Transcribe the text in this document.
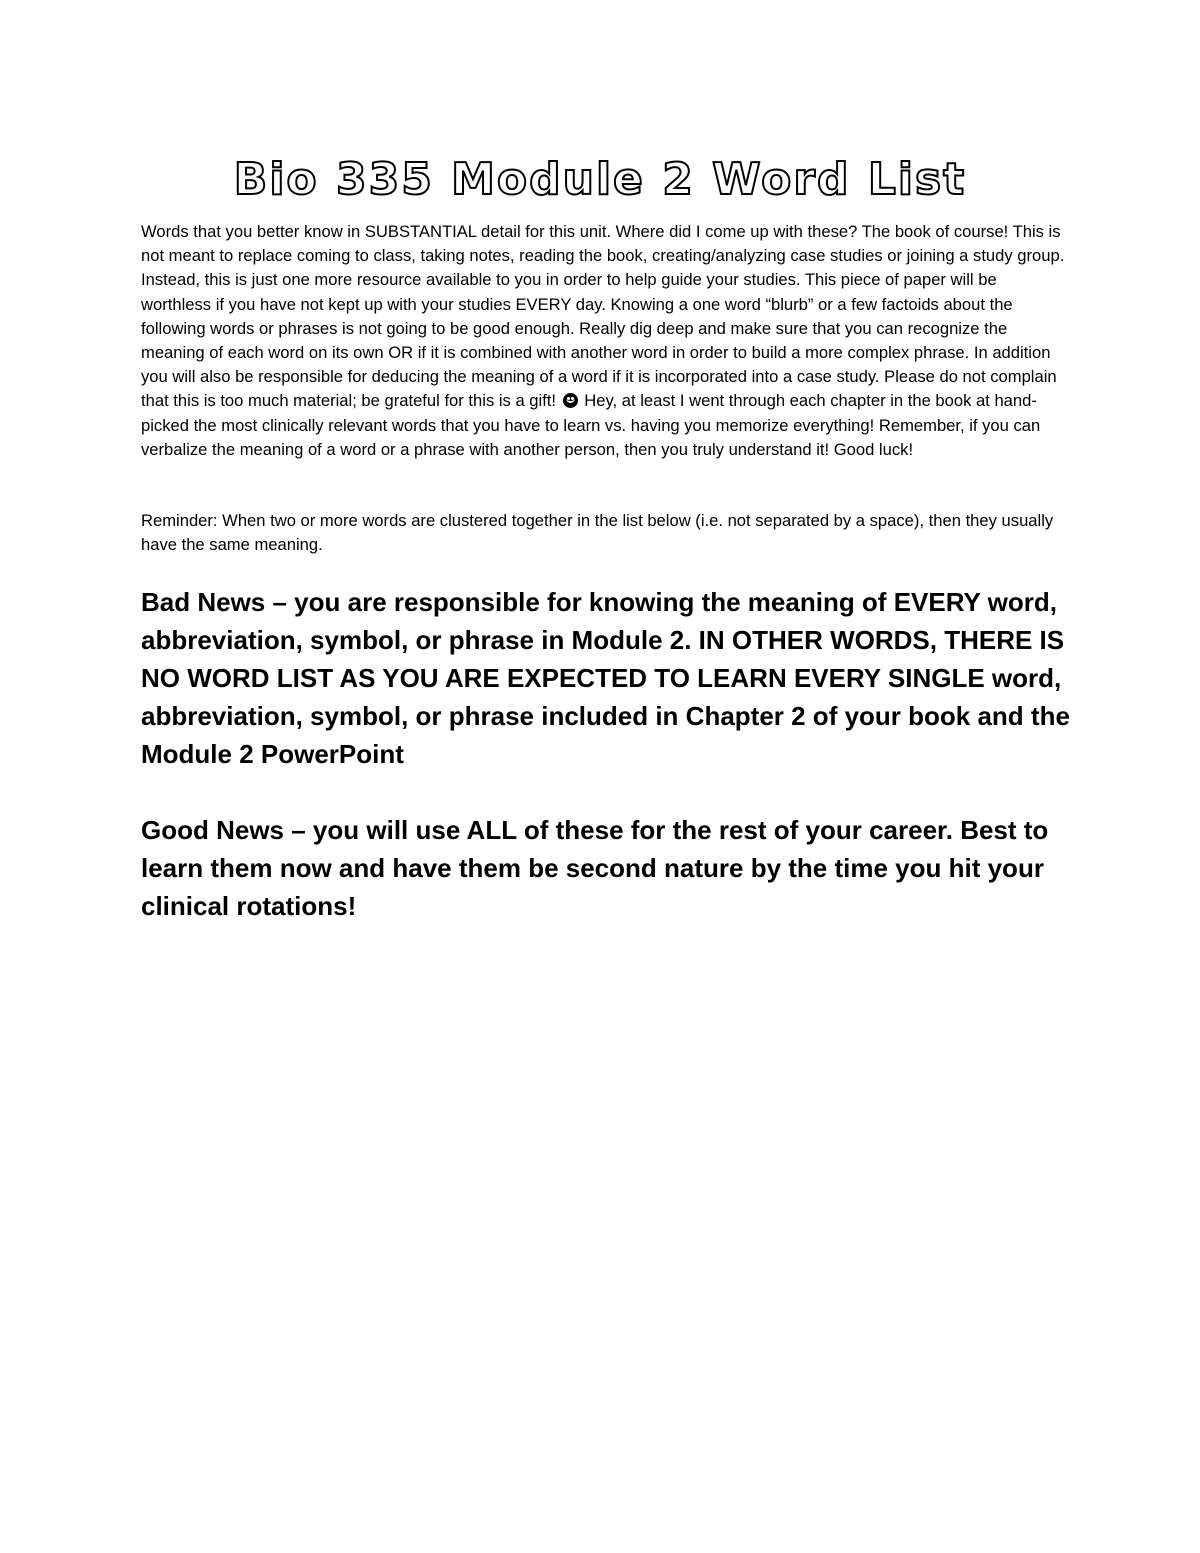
Bio 335 Module 2 Word List

Words that you better know in SUBSTANTIAL detail for this unit. Where did I come up with these? The book of course! This is not meant to replace coming to class, taking notes, reading the book, creating/analyzing case studies or joining a study group. Instead, this is just one more resource available to you in order to help guide your studies. This piece of paper will be worthless if you have not kept up with your studies EVERY day. Knowing a one word “blurb” or a few factoids about the following words or phrases is not going to be good enough. Really dig deep and make sure that you can recognize the meaning of each word on its own OR if it is combined with another word in order to build a more complex phrase. In addition you will also be responsible for deducing the meaning of a word if it is incorporated into a case study. Please do not complain that this is too much material; be grateful for this is a gift! Hey, at least I went through each chapter in the book at hand-picked the most clinically relevant words that you have to learn vs. having you memorize everything! Remember, if you can verbalize the meaning of a word or a phrase with another person, then you truly understand it! Good luck!

Reminder: When two or more words are clustered together in the list below (i.e. not separated by a space), then they usually have the same meaning.

Bad News – you are responsible for knowing the meaning of EVERY word, abbreviation, symbol, or phrase in Module 2. IN OTHER WORDS, THERE IS NO WORD LIST AS YOU ARE EXPECTED TO LEARN EVERY SINGLE word, abbreviation, symbol, or phrase included in Chapter 2 of your book and the Module 2 PowerPoint

Good News – you will use ALL of these for the rest of your career. Best to learn them now and have them be second nature by the time you hit your clinical rotations!
